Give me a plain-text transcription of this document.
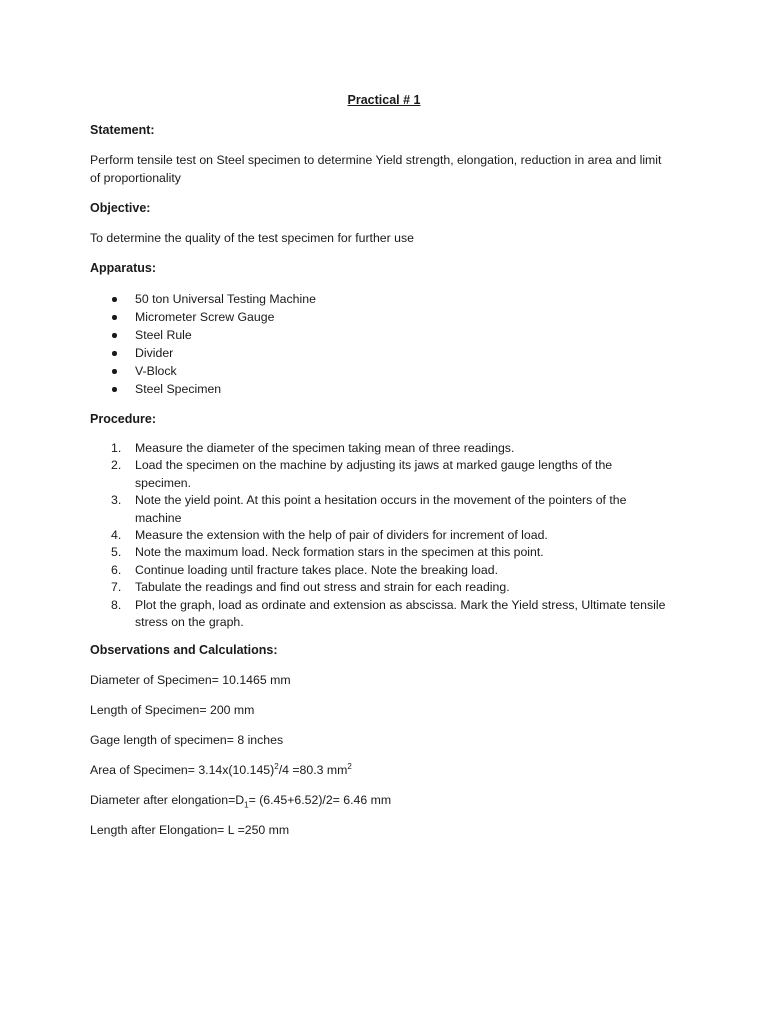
Practical # 1
Statement:
Perform tensile test on Steel specimen to determine Yield strength, elongation, reduction in area and limit
of proportionality
Objective:
To determine the quality of the test specimen for further use
Apparatus:
50 ton Universal Testing Machine
Micrometer Screw Gauge
Steel Rule
Divider
V-Block
Steel Specimen
Procedure:
1. Measure the diameter of the specimen taking mean of three readings.
2. Load the specimen on the machine by adjusting its jaws at marked gauge lengths of the
specimen.
3. Note the yield point. At this point a hesitation occurs in the movement of the pointers of the
machine
4. Measure the extension with the help of pair of dividers for increment of load.
5. Note the maximum load. Neck formation stars in the specimen at this point.
6. Continue loading until fracture takes place. Note the breaking load.
7. Tabulate the readings and find out stress and strain for each reading.
8. Plot the graph, load as ordinate and extension as abscissa. Mark the Yield stress, Ultimate tensile
stress on the graph.
Observations and Calculations:
Diameter of Specimen= 10.1465 mm
Length of Specimen= 200 mm
Gage length of specimen= 8 inches
Area of Specimen= $3.14x(10.145)^2/4 =80.3$ $mm^2$
Diameter after $elongation=D_1= (6.45+6.52)/2= 6.46$ mm
Length after Elongation= L =250 mm
